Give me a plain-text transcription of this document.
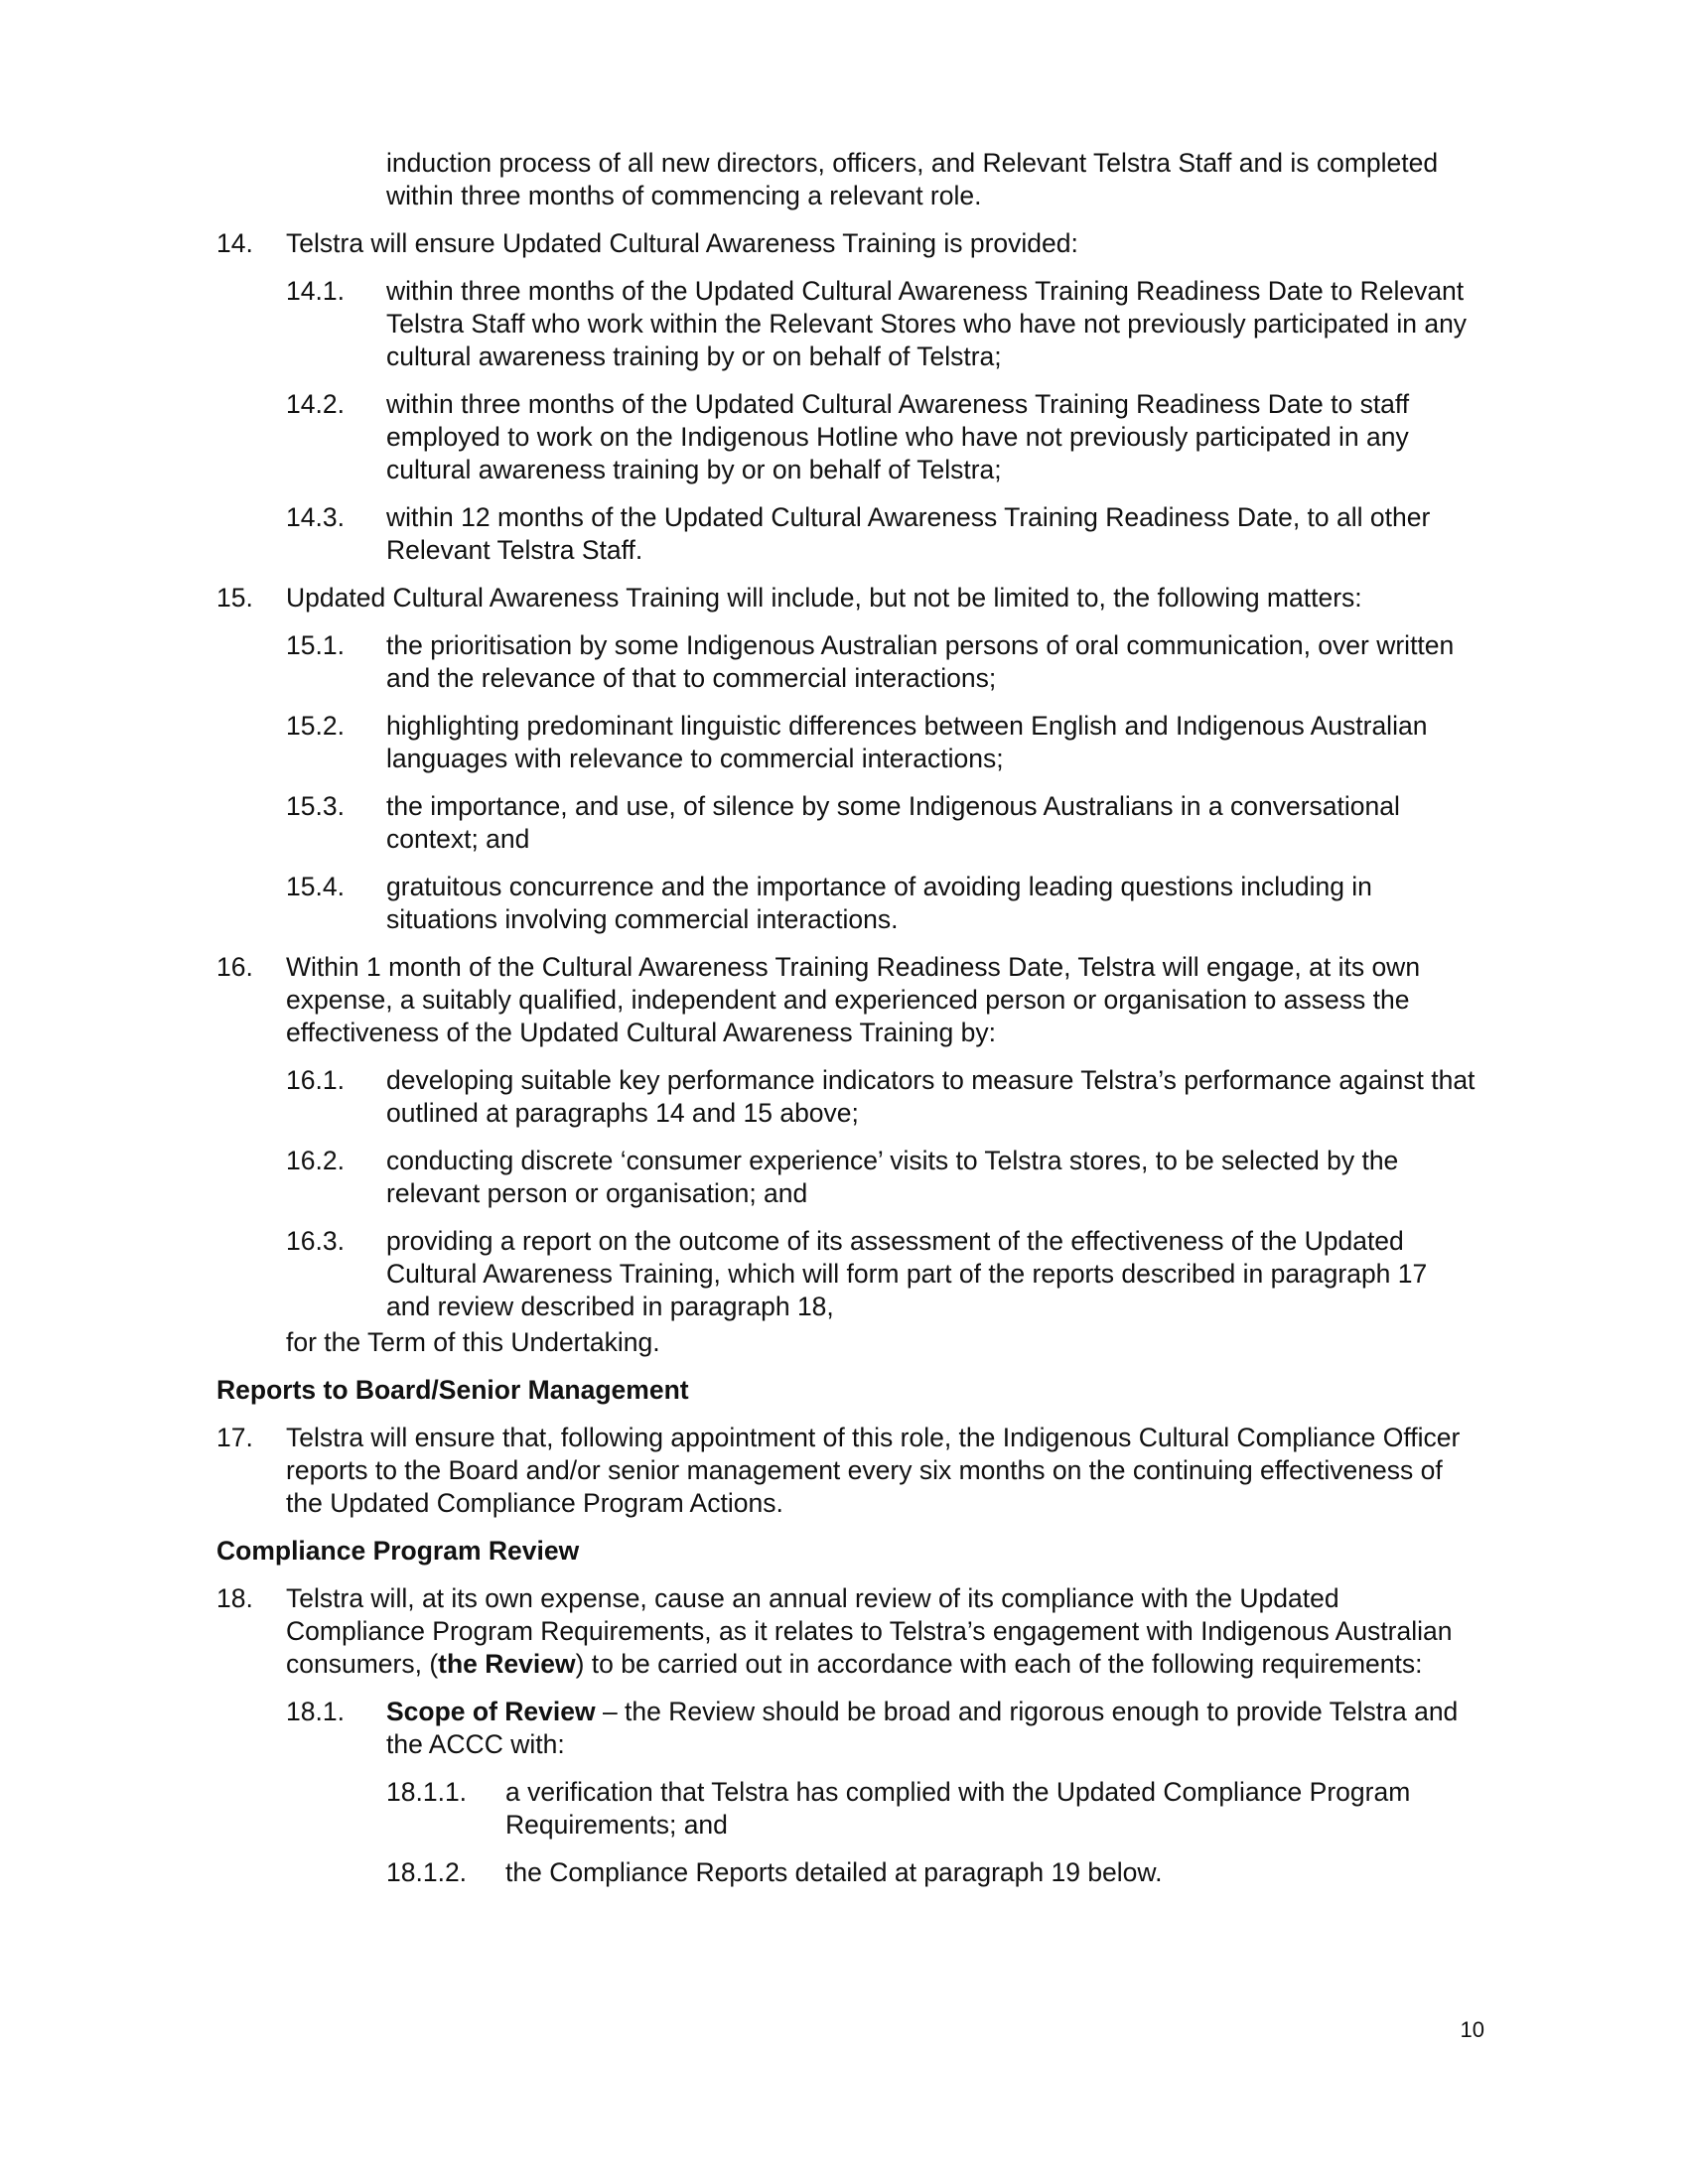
induction process of all new directors, officers, and Relevant Telstra Staff and is completed within three months of commencing a relevant role.

14. Telstra will ensure Updated Cultural Awareness Training is provided:
14.1. within three months of the Updated Cultural Awareness Training Readiness Date to Relevant Telstra Staff who work within the Relevant Stores who have not previously participated in any cultural awareness training by or on behalf of Telstra;
14.2. within three months of the Updated Cultural Awareness Training Readiness Date to staff employed to work on the Indigenous Hotline who have not previously participated in any cultural awareness training by or on behalf of Telstra;
14.3. within 12 months of the Updated Cultural Awareness Training Readiness Date, to all other Relevant Telstra Staff.
15. Updated Cultural Awareness Training will include, but not be limited to, the following matters:
15.1. the prioritisation by some Indigenous Australian persons of oral communication, over written and the relevance of that to commercial interactions;
15.2. highlighting predominant linguistic differences between English and Indigenous Australian languages with relevance to commercial interactions;
15.3. the importance, and use, of silence by some Indigenous Australians in a conversational context; and
15.4. gratuitous concurrence and the importance of avoiding leading questions including in situations involving commercial interactions.
16. Within 1 month of the Cultural Awareness Training Readiness Date, Telstra will engage, at its own expense, a suitably qualified, independent and experienced person or organisation to assess the effectiveness of the Updated Cultural Awareness Training by:
16.1. developing suitable key performance indicators to measure Telstra’s performance against that outlined at paragraphs 14 and 15 above;
16.2. conducting discrete ‘consumer experience’ visits to Telstra stores, to be selected by the relevant person or organisation; and
16.3. providing a report on the outcome of its assessment of the effectiveness of the Updated Cultural Awareness Training, which will form part of the reports described in paragraph 17 and review described in paragraph 18,

for the Term of this Undertaking.

Reports to Board/Senior Management
17. Telstra will ensure that, following appointment of this role, the Indigenous Cultural Compliance Officer reports to the Board and/or senior management every six months on the continuing effectiveness of the Updated Compliance Program Actions.
Compliance Program Review
18. Telstra will, at its own expense, cause an annual review of its compliance with the Updated Compliance Program Requirements, as it relates to Telstra’s engagement with Indigenous Australian consumers, (the Review) to be carried out in accordance with each of the following requirements:
18.1. Scope of Review – the Review should be broad and rigorous enough to provide Telstra and the ACCC with:
18.1.1. a verification that Telstra has complied with the Updated Compliance Program Requirements; and
18.1.2. the Compliance Reports detailed at paragraph 19 below.
10
